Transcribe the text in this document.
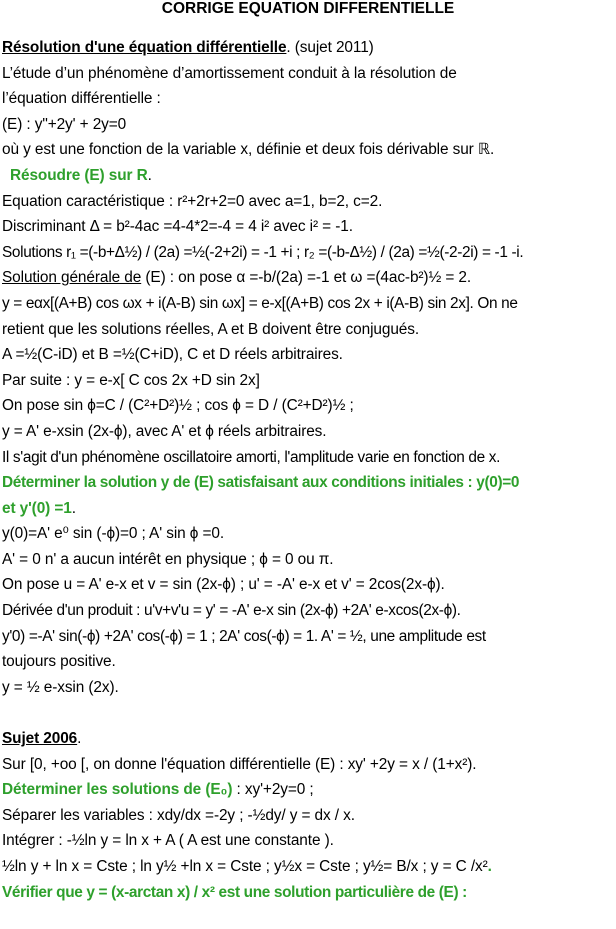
CORRIGE EQUATION DIFFERENTIELLE
Résolution d'une équation différentielle. (sujet 2011)
L’étude d’un phénomène d’amortissement conduit à la résolution de
l’équation différentielle :
(E) : y"+2y' + 2y=0
où y est une fonction de la variable x, définie et deux fois dérivable sur ℝ.
Résoudre (E) sur R.
Equation caractéristique : r²+2r+2=0 avec a=1, b=2, c=2.
Discriminant Δ = b²-4ac =4-4*2=-4 = 4 i² avec i² = -1.
Solutions r₁ =(-b+Δ½) / (2a) =½(-2+2i) = -1 +i ; r₂ =(-b-Δ½) / (2a) =½(-2-2i) = -1 -i.
Solution générale de (E) : on pose α =-b/(2a) =-1 et ω =(4ac-b²)½ = 2.
y = eαx[(A+B) cos ωx + i(A-B) sin ωx] = e-x[(A+B) cos 2x + i(A-B) sin 2x]. On ne
retient que les solutions réelles, A et B doivent être conjugués.
A =½(C-iD) et B =½(C+iD), C et D réels arbitraires.
Par suite : y = e-x[ C cos 2x +D sin 2x]
On pose sin ϕ=C / (C²+D²)½ ; cos ϕ = D / (C²+D²)½ ;
y = A' e-xsin (2x-ϕ), avec A' et ϕ réels arbitraires.
Il s'agit d'un phénomène oscillatoire amorti, l'amplitude varie en fonction de x.
Déterminer la solution y de (E) satisfaisant aux conditions initiales : y(0)=0
et y'(0) =1.
y(0)=A' e⁰ sin (-ϕ)=0 ; A' sin ϕ =0.
A' = 0 n' a aucun intérêt en physique ; ϕ = 0 ou π.
On pose u = A' e-x et v = sin (2x-ϕ) ; u' = -A' e-x et v' = 2cos(2x-ϕ).
Dérivée d'un produit : u'v+v'u = y' = -A' e-x sin (2x-ϕ) +2A' e-xcos(2x-ϕ).
y'0) =-A' sin(-ϕ) +2A' cos(-ϕ) = 1 ; 2A' cos(-ϕ) = 1. A' = ½, une amplitude est
toujours positive.
y = ½ e-xsin (2x).
Sujet 2006.
Sur [0, +oo [, on donne l'équation différentielle (E) : xy' +2y = x / (1+x²).
Déterminer les solutions de (E₀) : xy'+2y=0 ;
Séparer les variables : xdy/dx =-2y ; -½dy/ y = dx / x.
Intégrer : -½ln y = ln x + A ( A est une constante ).
½ln y + ln x = Cste ; ln y½ +ln x = Cste ; y½x = Cste ; y½= B/x ; y = C /x².
Vérifier que y = (x-arctan x) / x² est une solution particulière de (E) :
